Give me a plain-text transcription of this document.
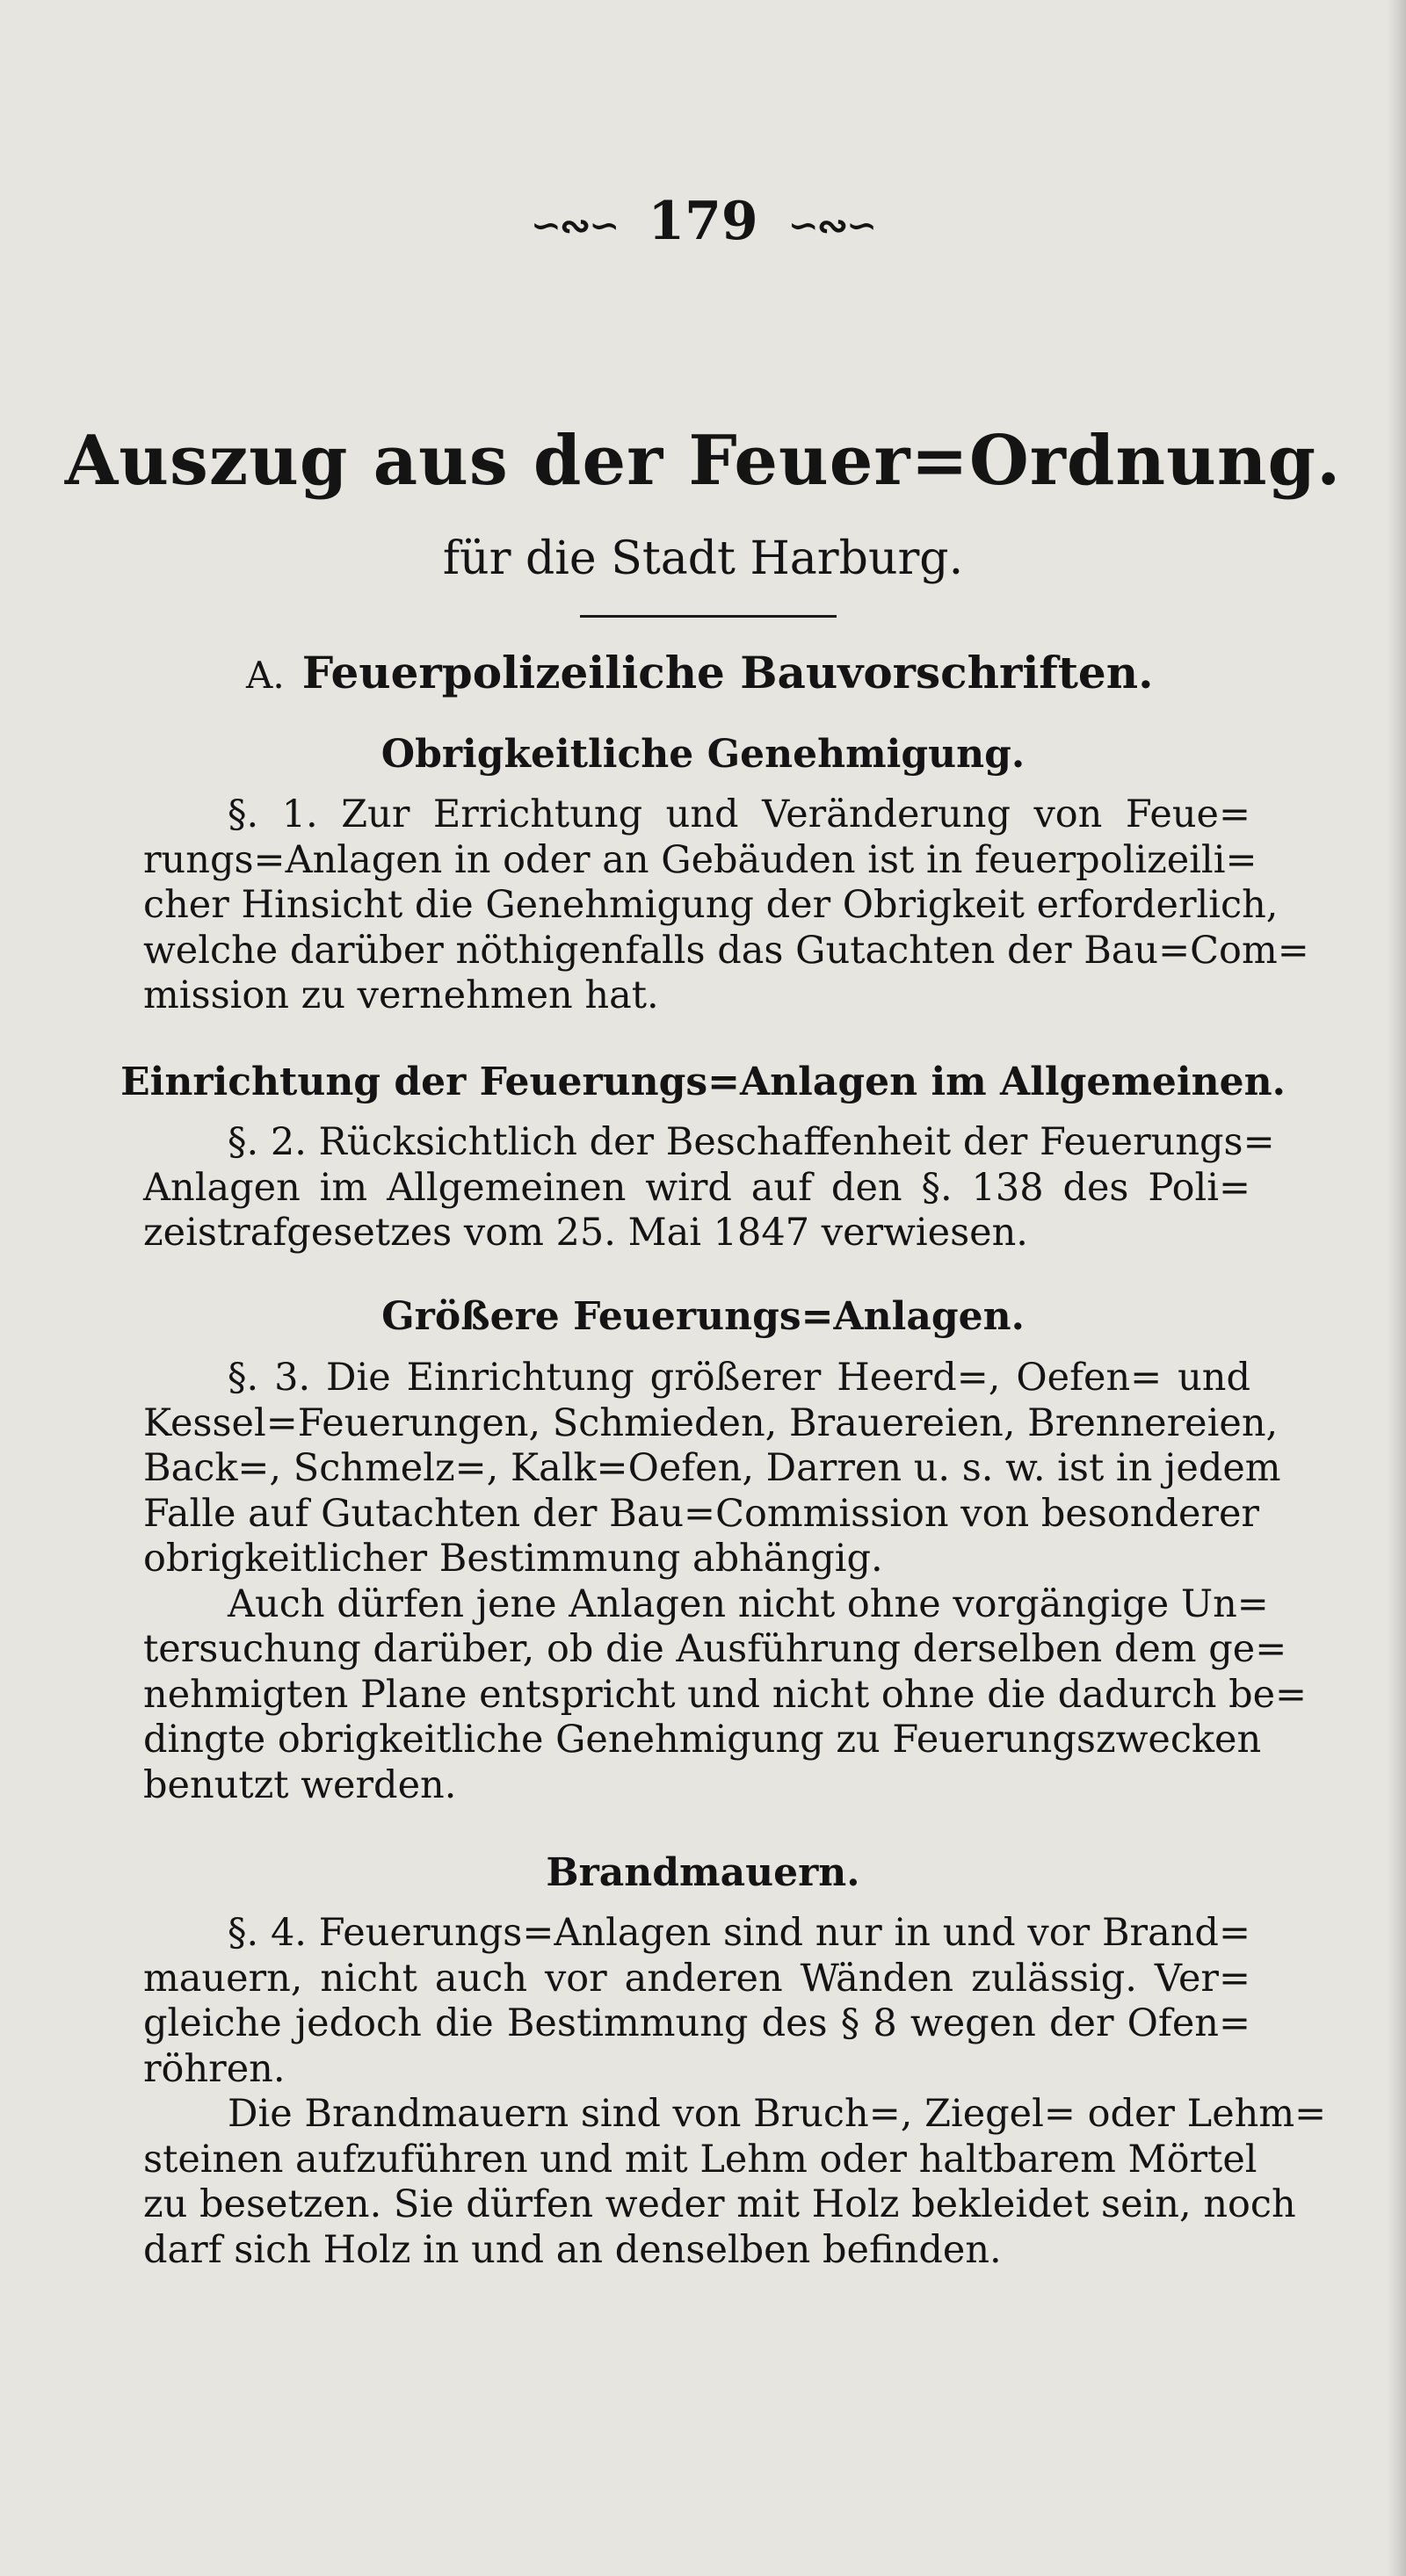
∽∾∽ 179 ∽∾∽
Auszug aus der Feuer=Ordnung.
für die Stadt Harburg.
A. Feuerpolizeiliche Bauvorschriften.
Obrigkeitliche Genehmigung.
§. 1. Zur Errichtung und Veränderung von Feue=
rungs=Anlagen in oder an Gebäuden ist in feuerpolizeili=
cher Hinsicht die Genehmigung der Obrigkeit erforderlich,
welche darüber nöthigenfalls das Gutachten der Bau=Com=
mission zu vernehmen hat.
Einrichtung der Feuerungs=Anlagen im Allgemeinen.
§. 2. Rücksichtlich der Beschaffenheit der Feuerungs=
Anlagen im Allgemeinen wird auf den §. 138 des Poli=
zeistrafgesetzes vom 25. Mai 1847 verwiesen.
Größere Feuerungs=Anlagen.
§. 3. Die Einrichtung größerer Heerd=, Oefen= und
Kessel=Feuerungen, Schmieden, Brauereien, Brennereien,
Back=, Schmelz=, Kalk=Oefen, Darren u. s. w. ist in jedem
Falle auf Gutachten der Bau=Commission von besonderer
obrigkeitlicher Bestimmung abhängig.
Auch dürfen jene Anlagen nicht ohne vorgängige Un=
tersuchung darüber, ob die Ausführung derselben dem ge=
nehmigten Plane entspricht und nicht ohne die dadurch be=
dingte obrigkeitliche Genehmigung zu Feuerungszwecken
benutzt werden.
Brandmauern.
§. 4. Feuerungs=Anlagen sind nur in und vor Brand=
mauern, nicht auch vor anderen Wänden zulässig. Ver=
gleiche jedoch die Bestimmung des § 8 wegen der Ofen=
röhren.
Die Brandmauern sind von Bruch=, Ziegel= oder Lehm=
steinen aufzuführen und mit Lehm oder haltbarem Mörtel
zu besetzen. Sie dürfen weder mit Holz bekleidet sein, noch
darf sich Holz in und an denselben befinden.
